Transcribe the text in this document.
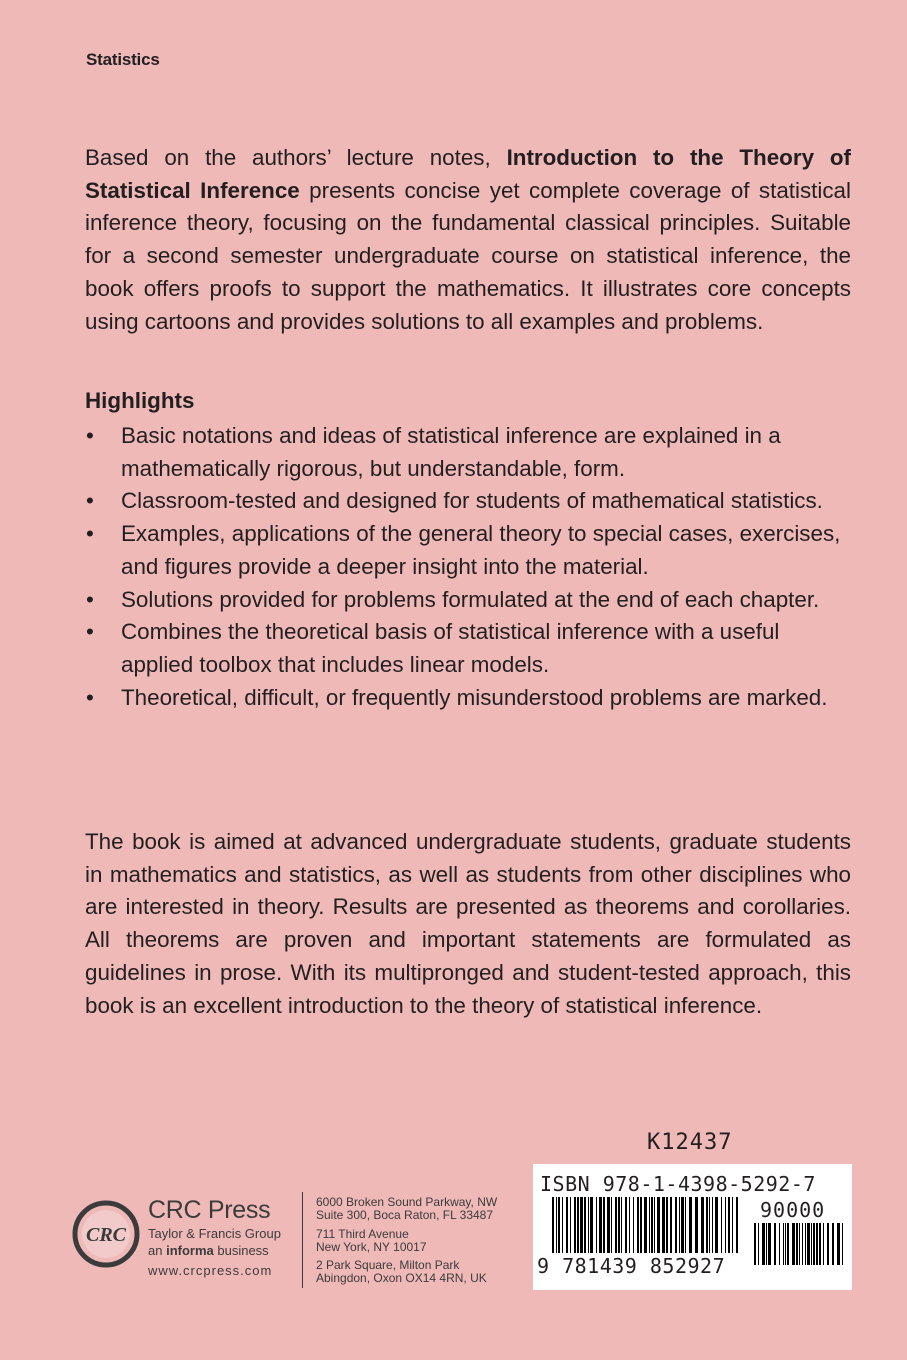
Statistics

Based on the authors’ lecture notes, Introduction to the Theory of Statistical Inference presents concise yet complete coverage of statistical inference theory, focusing on the fundamental classical principles. Suitable for a second semester undergraduate course on statistical inference, the book offers proofs to support the mathematics. It illustrates core concepts using cartoons and provides solutions to all examples and problems.

Highlights
• Basic notations and ideas of statistical inference are explained in a mathematically rigorous, but understandable, form.
• Classroom-tested and designed for students of mathematical statistics.
• Examples, applications of the general theory to special cases, exercises, and figures provide a deeper insight into the material.
• Solutions provided for problems formulated at the end of each chapter.
• Combines the theoretical basis of statistical inference with a useful applied toolbox that includes linear models.
• Theoretical, difficult, or frequently misunderstood problems are marked.

The book is aimed at advanced undergraduate students, graduate students in mathematics and statistics, as well as students from other disciplines who are interested in theory. Results are presented as theorems and corollaries. All theorems are proven and important statements are formulated as guidelines in prose. With its multipronged and student-tested approach, this book is an excellent introduction to the theory of statistical inference.

K12437
CRC
CRC Press
Taylor & Francis Group
an informa business
www.crcpress.com
6000 Broken Sound Parkway, NW
Suite 300, Boca Raton, FL 33487
711 Third Avenue
New York, NY 10017
2 Park Square, Milton Park
Abingdon, Oxon OX14 4RN, UK
ISBN 978-1-4398-5292-7
90000
9 781439 852927
